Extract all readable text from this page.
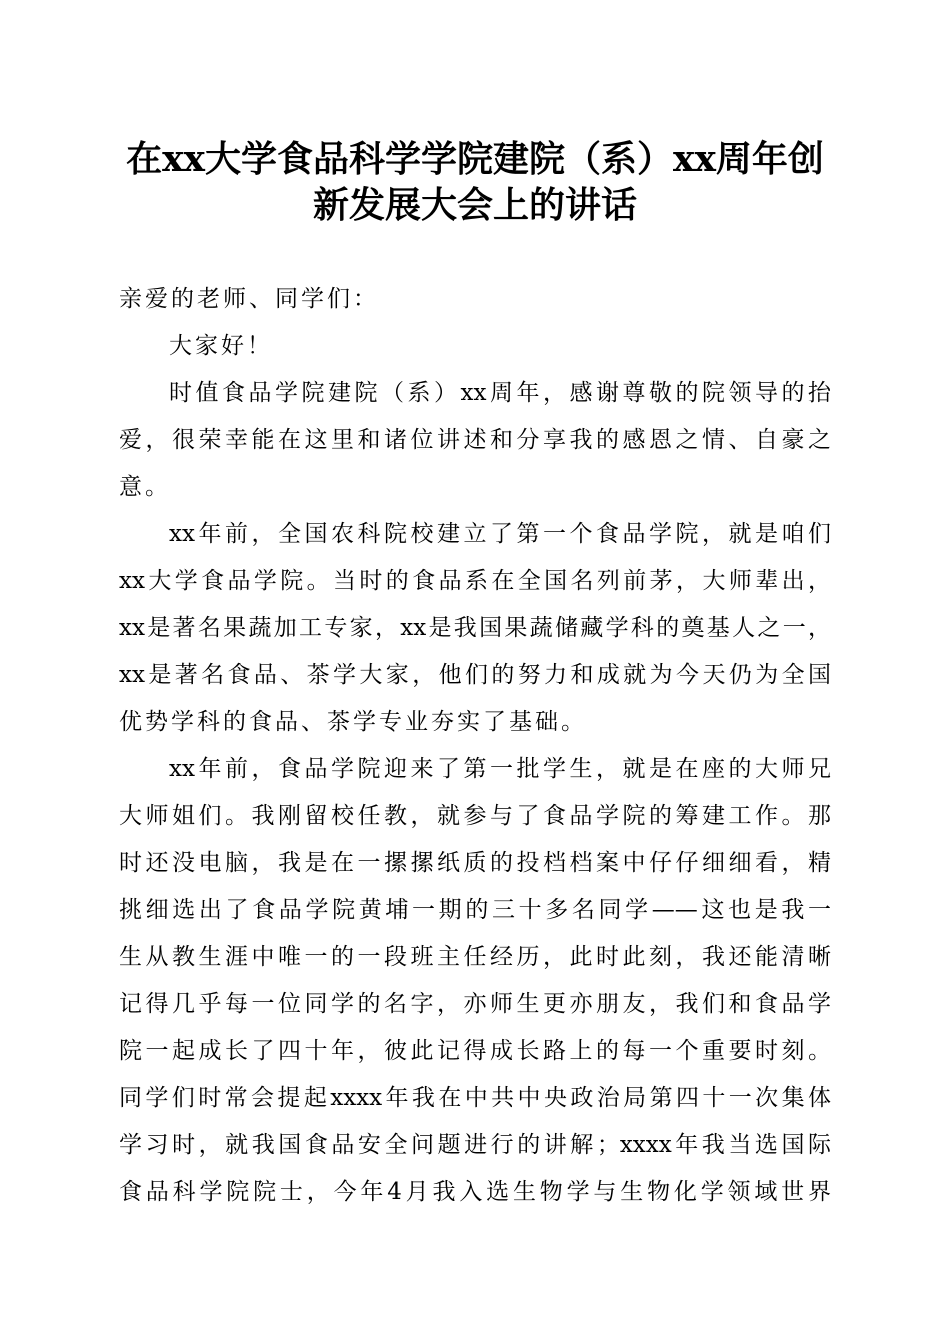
在xx大学食品科学学院建院（系）xx周年创
新发展大会上的讲话
亲爱的老师、同学们：
大家好！
时值食品学院建院（系）xx周年，感谢尊敬的院领导的抬
爱，很荣幸能在这里和诸位讲述和分享我的感恩之情、自豪之
意。
xx年前，全国农科院校建立了第一个食品学院，就是咱们
xx大学食品学院。当时的食品系在全国名列前茅，大师辈出，
xx是著名果蔬加工专家，xx是我国果蔬储藏学科的奠基人之一，
xx是著名食品、茶学大家，他们的努力和成就为今天仍为全国
优势学科的食品、茶学专业夯实了基础。
xx年前，食品学院迎来了第一批学生，就是在座的大师兄
大师姐们。我刚留校任教，就参与了食品学院的筹建工作。那
时还没电脑，我是在一摞摞纸质的投档档案中仔仔细细看，精
挑细选出了食品学院黄埔一期的三十多名同学——这也是我一
生从教生涯中唯一的一段班主任经历，此时此刻，我还能清晰
记得几乎每一位同学的名字，亦师生更亦朋友，我们和食品学
院一起成长了四十年，彼此记得成长路上的每一个重要时刻。
同学们时常会提起xxxx年我在中共中央政治局第四十一次集体
学习时，就我国食品安全问题进行的讲解；xxxx年我当选国际
食品科学院院士，今年4月我入选生物学与生物化学领域世界
